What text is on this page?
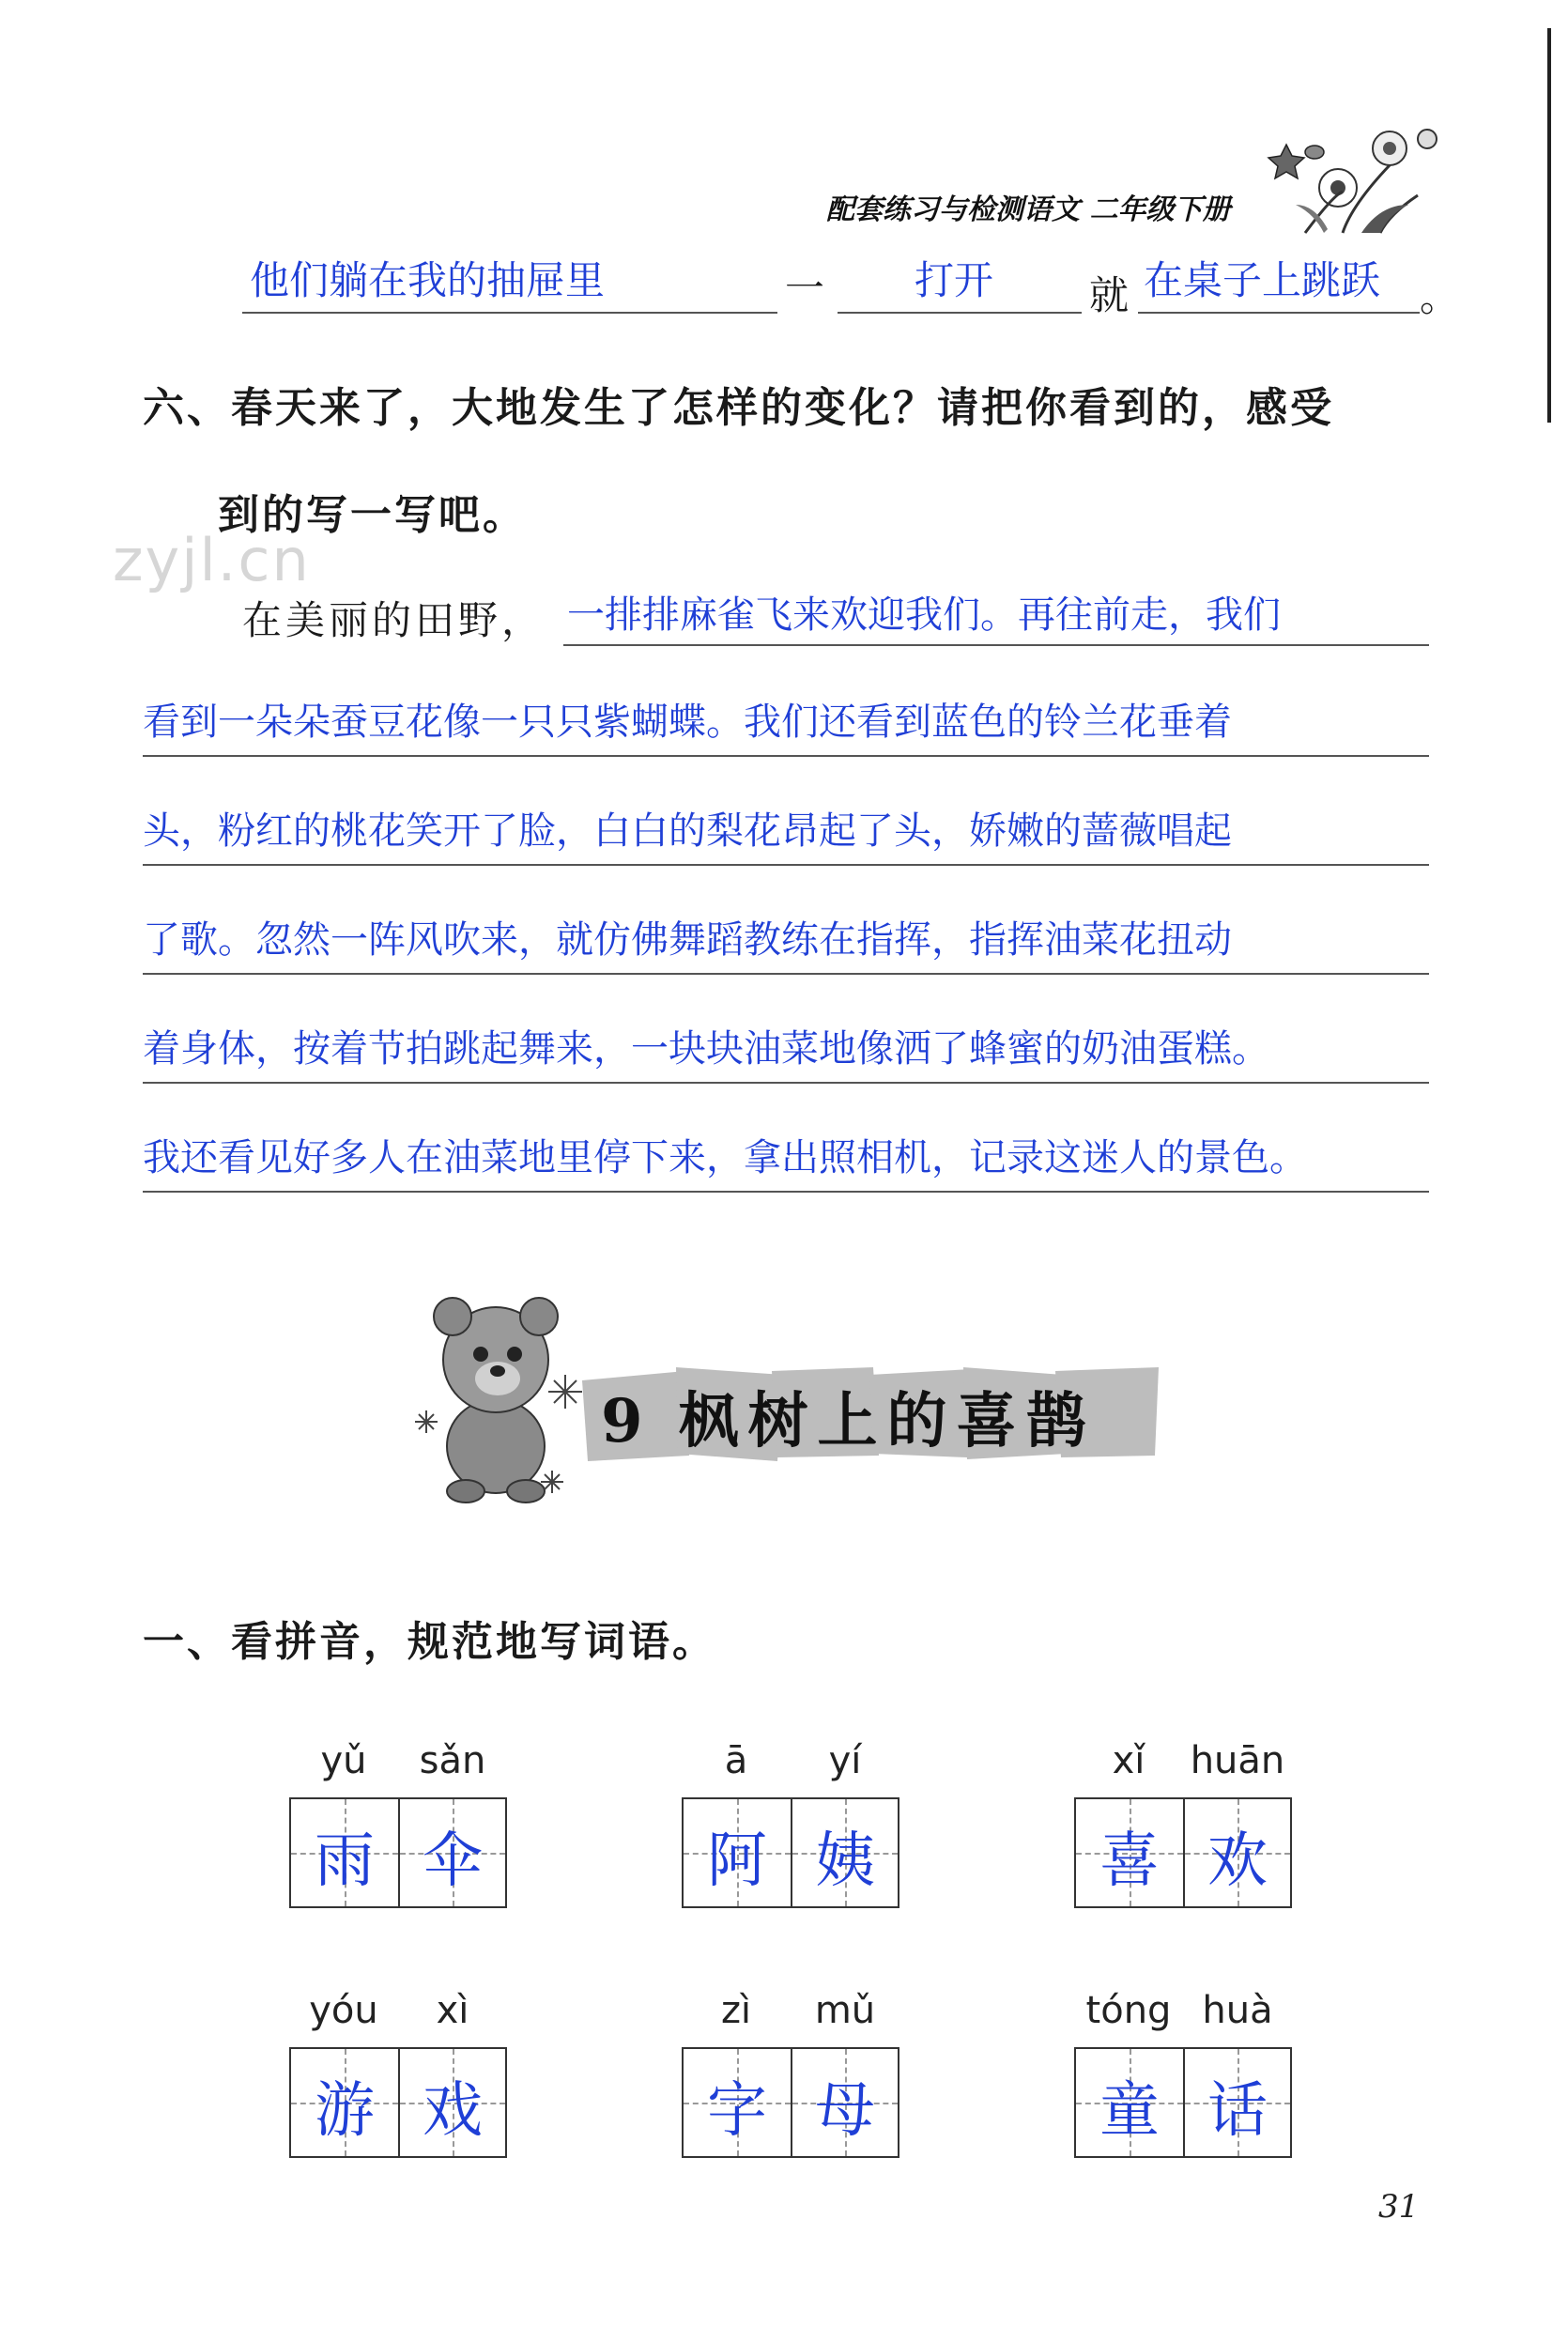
配套练习与检测语文 二年级下册
他们躺在我的抽屉里	一 打开 就 在桌子上跳跃 。
六、春天来了，大地发生了怎样的变化？请把你看到的，感受
到的写一写吧。
zyjl.cn
在美丽的田野， 一排排麻雀飞来欢迎我们。再往前走，我们
看到一朵朵蚕豆花像一只只紫蝴蝶。我们还看到蓝色的铃兰花垂着
头，粉红的桃花笑开了脸，白白的梨花昂起了头，娇嫩的蔷薇唱起
了歌。忽然一阵风吹来，就仿佛舞蹈教练在指挥，指挥油菜花扭动
着身体，按着节拍跳起舞来，一块块油菜地像洒了蜂蜜的奶油蛋糕。
我还看见好多人在油菜地里停下来，拿出照相机，记录这迷人的景色。
9 枫树上的喜鹊
一、看拼音，规范地写词语。
yǔ	sǎn
雨 伞
ā	yí
阿 姨
xǐ	huān
喜 欢
yóu	xì
游 戏
zì	mǔ
字 母
tóng huà
童 话
31
